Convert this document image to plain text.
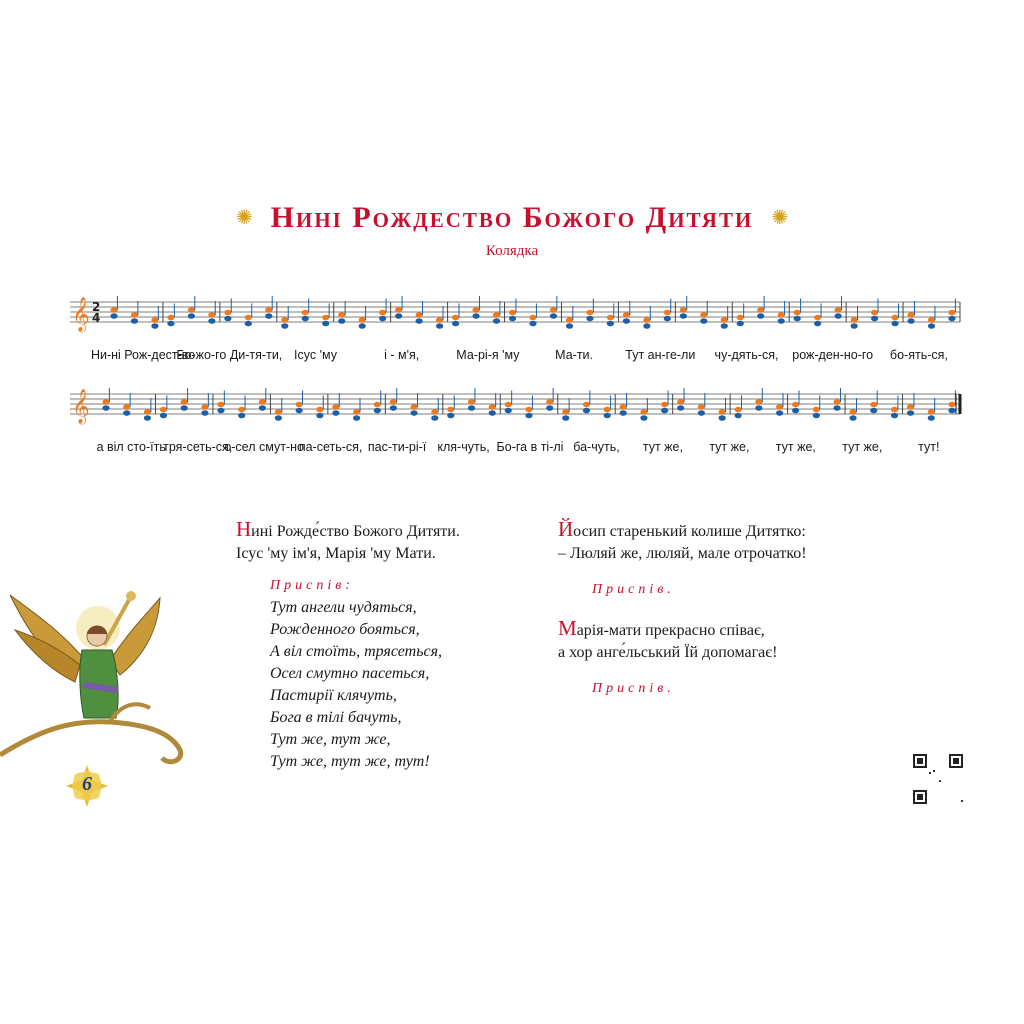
✺ Нині Рождество Божого Дитяти ✺
Колядка
𝄞 2
4
Ни-ні Рож-дест-во
Бо-жо-го Ди-тя-ти, Ісус 'му	і - м'я,	Ма-рі-я 'му	Ма-ти.	Тут ан-ге-ли чу-дять-ся, рож-ден-но-го бо-ять-ся,
𝄞
а віл сто-їть
тря-сеть-ся,
о-сел смут-но
па-сеть-ся, пас-ти-рі-ї кля-чуть, Бо-га в ті-лі ба-чуть, тут же, тут же, тут же, тут же,	тут!
Нині Рожде́ство Божого Дитяти.
Ісус 'му ім'я, Марія 'му Мати.
Приспів:
Тут ангели чудяться,
Рожденного бояться,
А віл стоїть, трясеться,
Осел смутно пасеться,
Пастирії клячуть,
Бога в тілі бачуть,
Тут же, тут же,
Тут же, тут же, тут!
Йосип старенький колише Дитятко:
– Люляй же, люляй, мале отрочатко!
Приспів.
Марія-мати прекрасно співає,
а хор анге́льський Їй допомагає!
Приспів.
6
